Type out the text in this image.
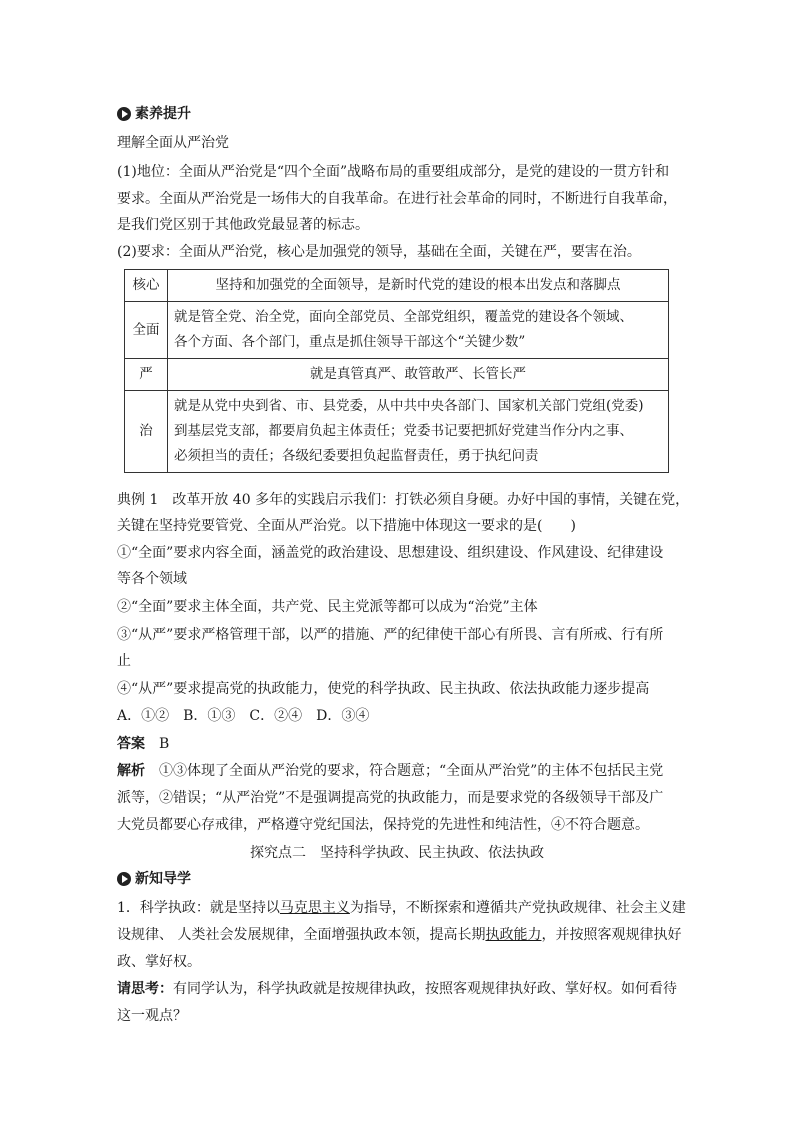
素养提升
理解全面从严治党
(1)地位：全面从严治党是“四个全面”战略布局的重要组成部分，是党的建设的一贯方针和
要求。全面从严治党是一场伟大的自我革命。在进行社会革命的同时，不断进行自我革命，
是我们党区别于其他政党最显著的标志。
(2)要求：全面从严治党，核心是加强党的领导，基础在全面，关键在严，要害在治。
核心	坚持和加强党的全面领导，是新时代党的建设的根本出发点和落脚点
全面	就是管全党、治全党，面向全部党员、全部党组织，覆盖党的建设各个领域、
各个方面、各个部门，重点是抓住领导干部这个“关键少数”
严	就是真管真严、敢管敢严、长管长严
治	就是从党中央到省、市、县党委，从中共中央各部门、国家机关部门党组(党委)
到基层党支部，都要肩负起主体责任；党委书记要把抓好党建当作分内之事、
必须担当的责任；各级纪委要担负起监督责任，勇于执纪问责
典例 1　 改革开放 40 多年的实践启示我们：打铁必须自身硬。办好中国的事情，关键在党，
关键在坚持党要管党、全面从严治党。以下措施中体现这一要求的是(　　)
①“全面”要求内容全面，涵盖党的政治建设、思想建设、组织建设、作风建设、纪律建设
等各个领域
②“全面”要求主体全面，共产党、民主党派等都可以成为“治党”主体
③“从严”要求严格管理干部，以严的措施、严的纪律使干部心有所畏、言有所戒、行有所
止
④“从严”要求提高党的执政能力，使党的科学执政、民主执政、依法执政能力逐步提高
A．①②　B．①③　C．②④　D．③④
答案　 B
解析　 ①③体现了全面从严治党的要求，符合题意；“全面从严治党”的主体不包括民主党
派等，②错误；“从严治党”不是强调提高党的执政能力，而是要求党的各级领导干部及广
大党员都要心存戒律，严格遵守党纪国法，保持党的先进性和纯洁性，④不符合题意。
探究点二　坚持科学执政、民主执政、依法执政
新知导学
1．科学执政：就是坚持以马克思主义为指导，不断探索和遵循共产党执政规律、社会主义建
设规律、 人类社会发展规律，全面增强执政本领，提高长期执政能力，并按照客观规律执好
政、掌好权。
请思考：有同学认为，科学执政就是按规律执政，按照客观规律执好政、掌好权。如何看待
这一观点？
